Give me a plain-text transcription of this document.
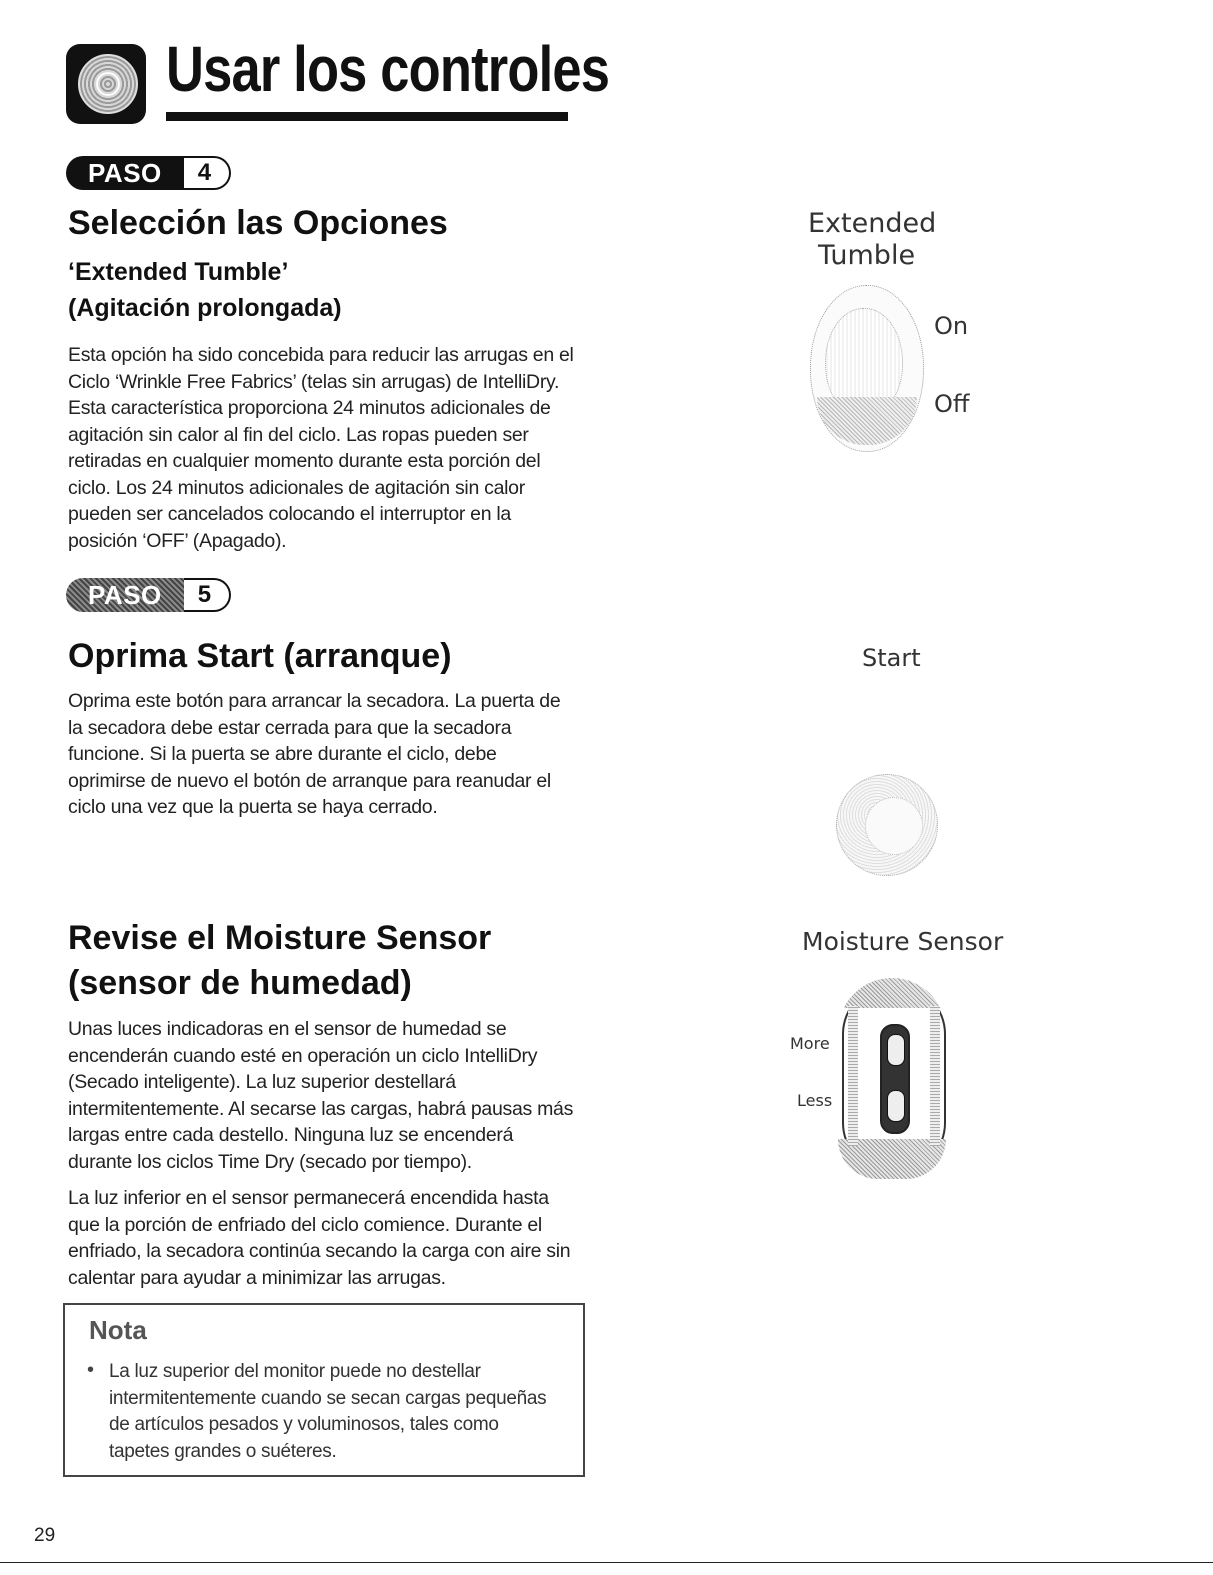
Usar los controles
PASO	4
Selección las Opciones
‘Extended Tumble’
(Agitación prolongada)
Esta opción ha sido concebida para reducir las arrugas en el
Ciclo ‘Wrinkle Free Fabrics’ (telas sin arrugas) de IntelliDry.
Esta característica proporciona 24 minutos adicionales de
agitación sin calor al fin del ciclo. Las ropas pueden ser
retiradas en cualquier momento durante esta porción del
ciclo. Los 24 minutos adicionales de agitación sin calor
pueden ser cancelados colocando el interruptor en la
posición ‘OFF’ (Apagado).
Extended
Tumble
On
Off
PASO	5
Oprima Start (arranque)
Oprima este botón para arrancar la secadora. La puerta de
la secadora debe estar cerrada para que la secadora
funcione. Si la puerta se abre durante el ciclo, debe
oprimirse de nuevo el botón de arranque para reanudar el
ciclo una vez que la puerta se haya cerrado.
Start
Revise el Moisture Sensor
(sensor de humedad)
Unas luces indicadoras en el sensor de humedad se
encenderán cuando esté en operación un ciclo IntelliDry
(Secado inteligente). La luz superior destellará
intermitentemente. Al secarse las cargas, habrá pausas más
largas entre cada destello. Ninguna luz se encenderá
durante los ciclos Time Dry (secado por tiempo).
La luz inferior en el sensor permanecerá encendida hasta
que la porción de enfriado del ciclo comience. Durante el
enfriado, la secadora continúa secando la carga con aire sin
calentar para ayudar a minimizar las arrugas.
Moisture Sensor
More
Less
Nota
• La luz superior del monitor puede no destellar
intermitentemente cuando se secan cargas pequeñas
de artículos pesados y voluminosos, tales como
tapetes grandes o suéteres.
29
